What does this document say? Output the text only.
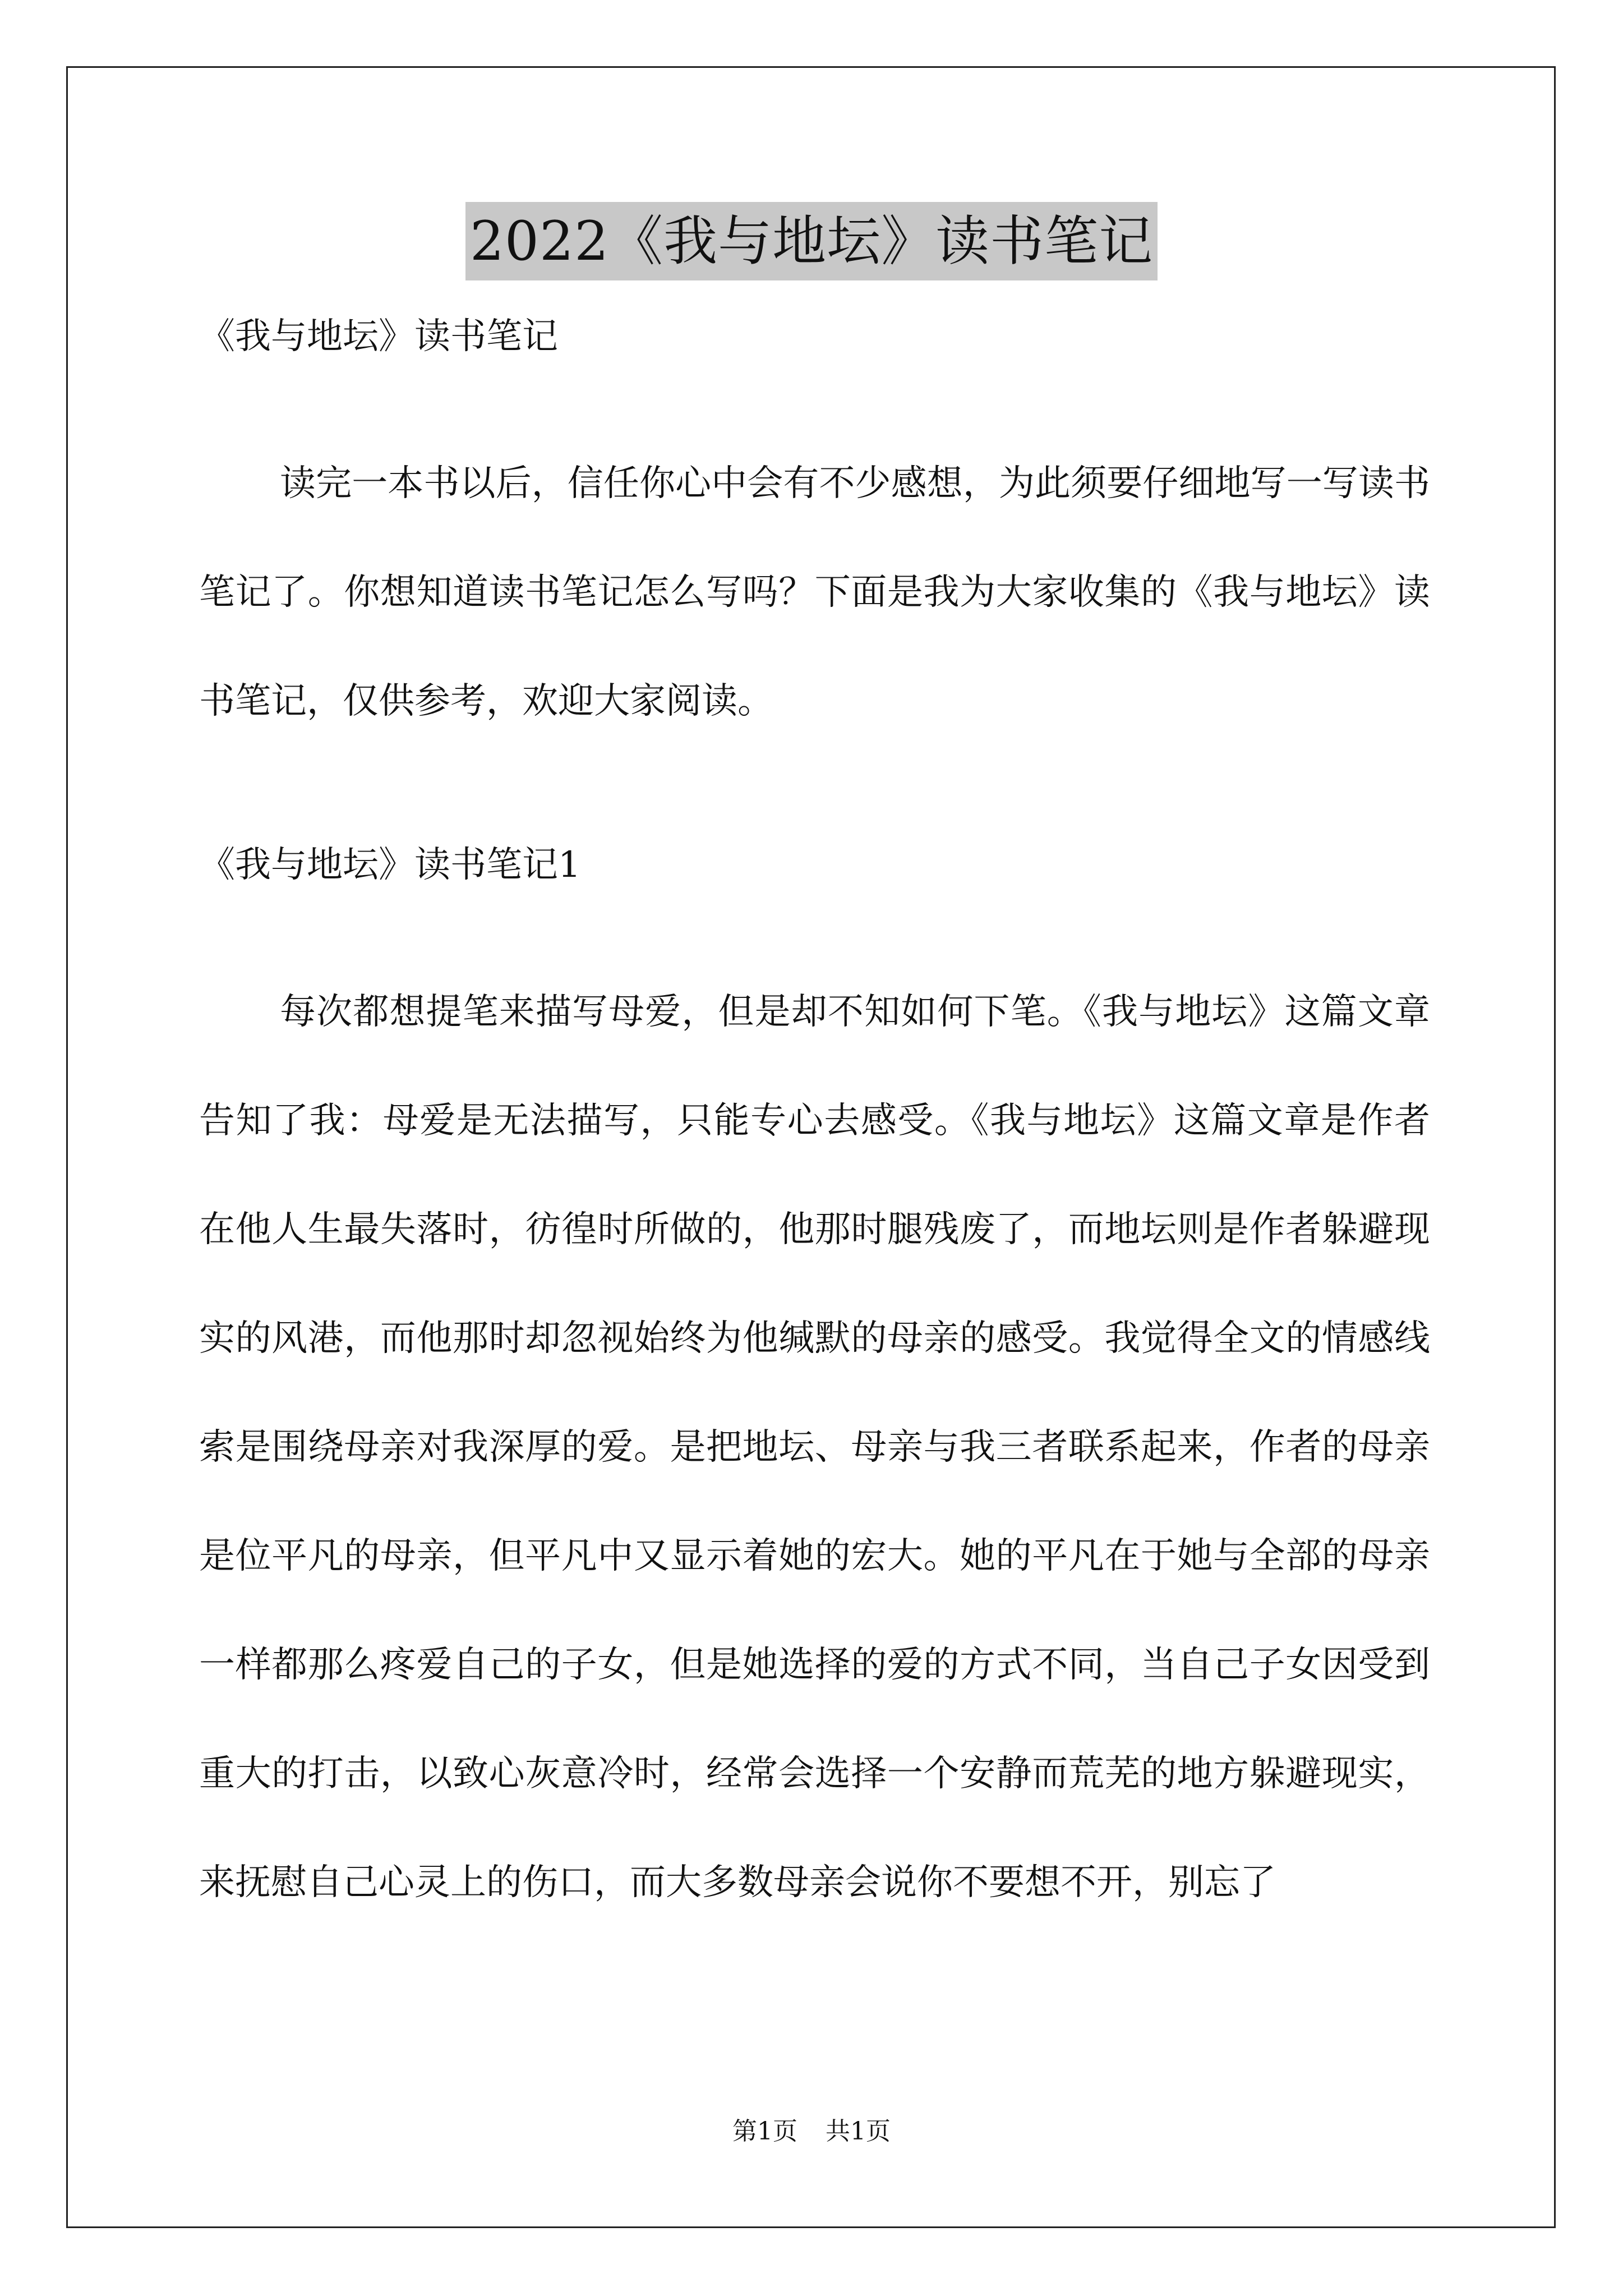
2022《我与地坛》读书笔记

《我与地坛》读书笔记

读完一本书以后，信任你心中会有不少感想，为此须要仔细地写一写读书笔记了。你想知道读书笔记怎么写吗？下面是我为大家收集的《我与地坛》读书笔记，仅供参考，欢迎大家阅读。

《我与地坛》读书笔记1

每次都想提笔来描写母爱，但是却不知如何下笔。《我与地坛》这篇文章告知了我：母爱是无法描写，只能专心去感受。《我与地坛》这篇文章是作者在他人生最失落时，彷徨时所做的，他那时腿残废了，而地坛则是作者躲避现实的风港，而他那时却忽视始终为他缄默的母亲的感受。我觉得全文的情感线索是围绕母亲对我深厚的爱。是把地坛、母亲与我三者联系起来，作者的母亲是位平凡的母亲，但平凡中又显示着她的宏大。她的平凡在于她与全部的母亲一样都那么疼爱自己的子女，但是她选择的爱的方式不同，当自己子女因受到重大的打击，以致心灰意冷时，经常会选择一个安静而荒芜的地方躲避现实，来抚慰自己心灵上的伤口，而大多数母亲会说你不要想不开，别忘了

第1页 共1页
